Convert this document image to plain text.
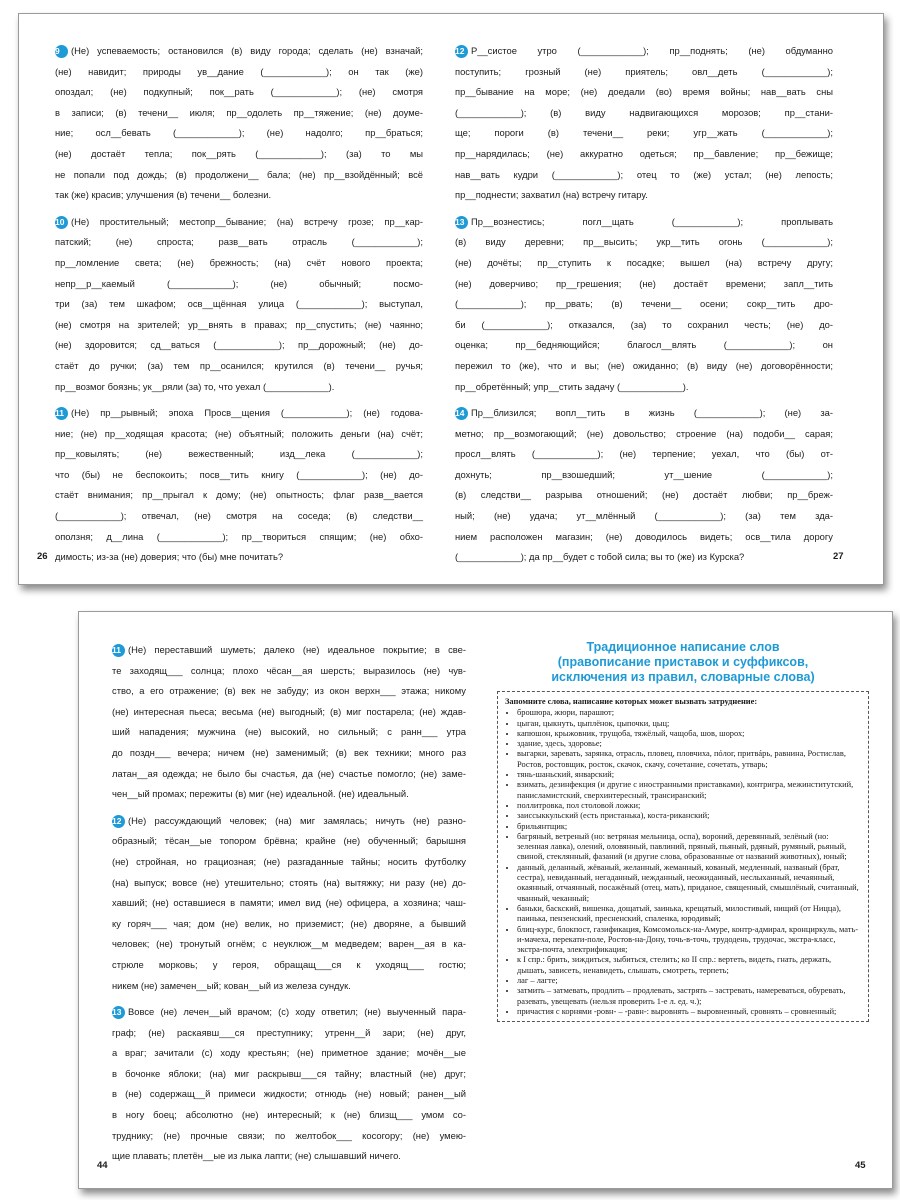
9 (Не) успеваемость; остановился (в) виду города; сделать (не) взначай;

(не) навидит; природы ув__дание (____________); он так (же)

опоздал; (не) подкупный; пок__рать (____________); (не) смотря

в записи; (в) течени__ июля; пр__одолеть пр__тяжение; (не) доуме-

ние; осл__бевать (____________); (не) надолго; пр__браться;

(не) достаёт тепла; пок__рять (____________); (за) то мы

не попали под дождь; (в) продолжени__ бала; (не) пр__взойдённый; всё

так (же) красив; улучшения (в) течени__ болезни.

10 (Не) простительный; местопр__бывание; (на) встречу грозе; пр__кар-

патский; (не) спроста; разв__вать отрасль (____________);

пр__ломление света; (не) брежность; (на) счёт нового проекта;

непр__р__каемый (____________); (не) обычный; посмо-

три (за) тем шкафом; осв__щённая улица (____________); выступал,

(не) смотря на зрителей; ур__внять в правах; пр__спустить; (не) чаянно;

(не) здоровится; сд__ваться (____________); пр__дорожный; (не) до-

стаёт до ручки; (за) тем пр__осанился; крутился (в) течени__ ручья;

пр__возмог боязнь; ук__ряли (за) то, что уехал (____________).

11 (Не) пр__рывный; эпоха Просв__щения (____________); (не) годова-

ние; (не) пр__ходящая красота; (не) объятный; положить деньги (на) счёт;

пр__ковылять; (не) вежественный; изд__лека (____________);

что (бы) не беспокоить; посв__тить книгу (____________); (не) до-

стаёт внимания; пр__прыгал к дому; (не) опытность; флаг разв__вается

(____________); отвечал, (не) смотря на соседа; (в) следстви__

оползня; д__лина (____________); пр__твориться спящим; (не) обхо-

димость; из-за (не) доверия; что (бы) мне почитать?

12 Р__систое утро (____________); пр__поднять; (не) обдуманно

поступить; грозный (не) приятель; овл__деть (____________);

пр__бывание на море; (не) доедали (во) время войны; нав__вать сны

(____________); (в) виду надвигающихся морозов; пр__стани-

ще; пороги (в) течени__ реки; угр__жать (____________);

пр__нарядилась; (не) аккуратно одеться; пр__бавление; пр__бежище;

нав__вать кудри (____________); отец то (же) устал; (не) лепость;

пр__поднести; захватил (на) встречу гитару.

13 Пр__вознестись; погл__щать (____________); проплывать

(в) виду деревни; пр__высить; укр__тить огонь (____________);

(не) дочёты; пр__ступить к посадке; вышел (на) встречу другу;

(не) доверчиво; пр__грешения; (не) достаёт времени; запл__тить

(____________); пр__рвать; (в) течени__ осени; сокр__тить дро-

би (____________); отказался, (за) то сохранил честь; (не) до-

оценка; пр__бедняющийся; благосл__влять (____________); он

пережил то (же), что и вы; (не) ожиданно; (в) виду (не) договорённости;

пр__обретённый; упр__стить задачу (____________).

14 Пр__близился; вопл__тить в жизнь (____________); (не) за-

метно; пр__возмогающий; (не) довольство; строение (на) подоби__ сарая;

просл__влять (____________); (не) терпение; уехал, что (бы) от-

дохнуть; пр__взошедший; ут__шение (____________);

(в) следстви__ разрыва отношений; (не) достаёт любви; пр__бреж-

ный; (не) удача; ут__млённый (____________); (за) тем зда-

нием расположен магазин; (не) доводилось видеть; осв__тила дорогу

(____________); да пр__будет с тобой сила; вы то (же) из Курска?

26	27

11 (Не) переставший шуметь; далеко (не) идеальное покрытие; в све-

те заходящ___ солнца; плохо чёсан__ая шерсть; выразилось (не) чув-

ство, а его отражение; (в) век не забуду; из окон верхн___ этажа; никому

(не) интересная пьеса; весьма (не) выгодный; (в) миг постарела; (не) ждав-

ший нападения; мужчина (не) высокий, но сильный; с ранн___ утра

до поздн___ вечера; ничем (не) заменимый; (в) век техники; много раз

латан__ая одежда; не было бы счастья, да (не) счастье помогло; (не) заме-

чен__ый промах; пережиты (в) миг (не) идеальной. (не) идеальный.

12 (Не) рассуждающий человек; (на) миг замялась; ничуть (не) разно-

образный; тёсан__ые топором брёвна; крайне (не) обученный; барышня

(не) стройная, но грациозная; (не) разгаданные тайны; носить футболку

(на) выпуск; вовсе (не) утешительно; стоять (на) вытяжку; ни разу (не) до-

хавший; (не) оставшиеся в памяти; имел вид (не) офицера, а хозяина; чаш-

ку горяч___ чая; дом (не) велик, но приземист; (не) дворяне, а бывший

человек; (не) тронутый огнём; с неуклюж__м медведем; варен__ая в ка-

стрюле морковь; у героя, обращащ___ся к уходящ___ гостю;

никем (не) замечен__ый; кован__ый из железа сундук.

13 Вовсе (не) лечен__ый врачом; (с) ходу ответил; (не) выученный пара-

граф; (не) раскаявш___ся преступнику; утренн__й зари; (не) друг,

а враг; зачитали (с) ходу крестьян; (не) приметное здание; мочён__ые

в бочонке яблоки; (на) миг раскрывш___ся тайну; властный (не) друг;

в (не) содержащ__й примеси жидкости; отнюдь (не) новый; ранен__ый

в ногу боец; абсолютно (не) интересный; к (не) близщ___ умом со-

труднику; (не) прочные связи; по желтобок___ косогору; (не) умею-

щие плавать; плетён__ые из лыка лапти; (не) слышавший ничего.

Традиционное написание слов

(правописание приставок и суффиксов,

исключения из правил, словарные слова)

Запомните слова, написание которых может вызвать затруднение:

• брошюра, жюри, парашют;
• цыган, цыкнуть, цыплёнок, цыпочки, цыц;
• капюшон, крыжовник, трущоба, тяжёлый, чащоба, шов, шорох;
• здание, здесь, здоровье;
• выгарки, заревать, зарянка, отрасль, пловец, пловчиха, пóлог, притвáрь, равнина, Ростислав, Ростов, ростовщик, росток, скачок, скачу, сочетание, сочетать, утварь;
• тянь-шаньский, январский;
• взимать, дезинфекция (и другие с иностранными приставками), контригра, межинститутский, панисламистский, сверхинтересный, трансиранский;
• поллитровка, пол столовой ложки;
• заиссыккульский (есть пристанька), коста-риканский;
• брильянтщик;
• багряный, ветреный (но: ветряная мельница, оспа), вороний, деревянный, зелёный (но: зеленная лавка), олений, оловянный, павлиний, пряный, пьяный, рдяный, румяный, рьяный, свиной, стеклянный, фазаний (и другие слова, образованные от названий животных), юный;
• данный, деланный, жёваный, желанный, жеманный, кованый, медленный, названый (брат, сестра), невиданный, негаданный, нежданный, неожиданный, неслыханный, нечаянный, окаянный, отчаянный, посажёный (отец, мать), приданое, священный, смышлёный, считанный, чванный, чеканный;
• баньки, баскский, вишенка, дощатый, заинька, крещатый, милостивый, нищий (от Ницца), паинька, пензенский, пресненский, спаленка, юродивый;
• блиц-курс, блокпост, газификация, Комсомольск-на-Амуре, контр-адмирал, кронциркуль, мать-и-мачеха, перекати-поле, Ростов-на-Дону, точь-в-точь, трудодень, трудочас, экстра-класс, экстра-почта, электрификация;
• к I спр.: брить, зиждиться, зыбиться, стелить; ко II спр.: вертеть, видеть, гнать, держать, дышать, зависеть, ненавидеть, слышать, смотреть, терпеть;
• лаг – лагте;
• затмить – затмевать, продлить – продлевать, застрять – застревать, намереваться, обуревать, разевать, увещевать (нельзя проверить 1-е л. ед. ч.);
• причастия с корнями -ровн- – -равн-: выровнять – выровненный, сровнять – сровненный;
44	45
